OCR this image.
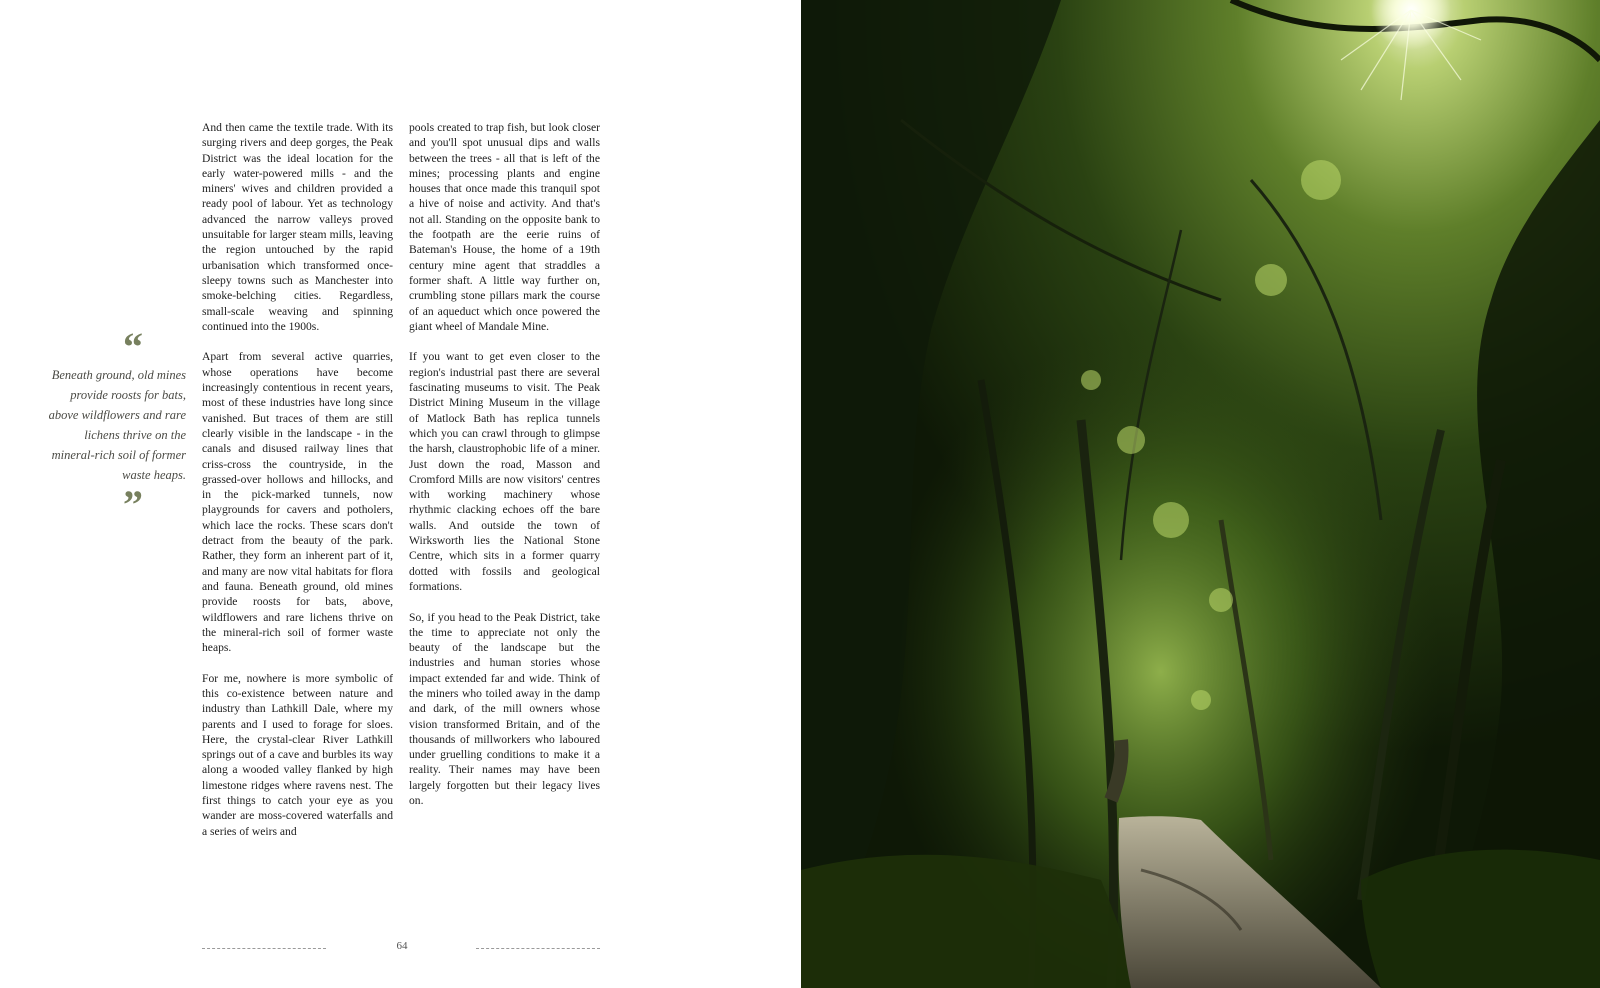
“
Beneath ground, old mines provide roosts for bats, above wildflowers and rare lichens thrive on the mineral-rich soil of former waste heaps.
”

And then came the textile trade. With its surging rivers and deep gorges, the Peak District was the ideal location for the early water-powered mills - and the miners' wives and children provided a ready pool of labour. Yet as technology advanced the narrow valleys proved unsuitable for larger steam mills, leaving the region untouched by the rapid urbanisation which transformed once-sleepy towns such as Manchester into smoke-belching cities. Regardless, small-scale weaving and spinning continued into the 1900s.

Apart from several active quarries, whose operations have become increasingly contentious in recent years, most of these industries have long since vanished. But traces of them are still clearly visible in the landscape - in the canals and disused railway lines that criss-cross the countryside, in the grassed-over hollows and hillocks, and in the pick-marked tunnels, now playgrounds for cavers and potholers, which lace the rocks. These scars don't detract from the beauty of the park. Rather, they form an inherent part of it, and many are now vital habitats for flora and fauna. Beneath ground, old mines provide roosts for bats, above, wildflowers and rare lichens thrive on the mineral-rich soil of former waste heaps.

For me, nowhere is more symbolic of this co-existence between nature and industry than Lathkill Dale, where my parents and I used to forage for sloes. Here, the crystal-clear River Lathkill springs out of a cave and burbles its way along a wooded valley flanked by high limestone ridges where ravens nest. The first things to catch your eye as you wander are moss-covered waterfalls and a series of weirs and

pools created to trap fish, but look closer and you'll spot unusual dips and walls between the trees - all that is left of the mines; processing plants and engine houses that once made this tranquil spot a hive of noise and activity. And that's not all. Standing on the opposite bank to the footpath are the eerie ruins of Bateman's House, the home of a 19th century mine agent that straddles a former shaft. A little way further on, crumbling stone pillars mark the course of an aqueduct which once powered the giant wheel of Mandale Mine.

If you want to get even closer to the region's industrial past there are several fascinating museums to visit. The Peak District Mining Museum in the village of Matlock Bath has replica tunnels which you can crawl through to glimpse the harsh, claustrophobic life of a miner. Just down the road, Masson and Cromford Mills are now visitors' centres with working machinery whose rhythmic clacking echoes off the bare walls. And outside the town of Wirksworth lies the National Stone Centre, which sits in a former quarry dotted with fossils and geological formations.

So, if you head to the Peak District, take the time to appreciate not only the beauty of the landscape but the industries and human stories whose impact extended far and wide. Think of the miners who toiled away in the damp and dark, of the mill owners whose vision transformed Britain, and of the thousands of millworkers who laboured under gruelling conditions to make it a reality. Their names may have been largely forgotten but their legacy lives on.

64
